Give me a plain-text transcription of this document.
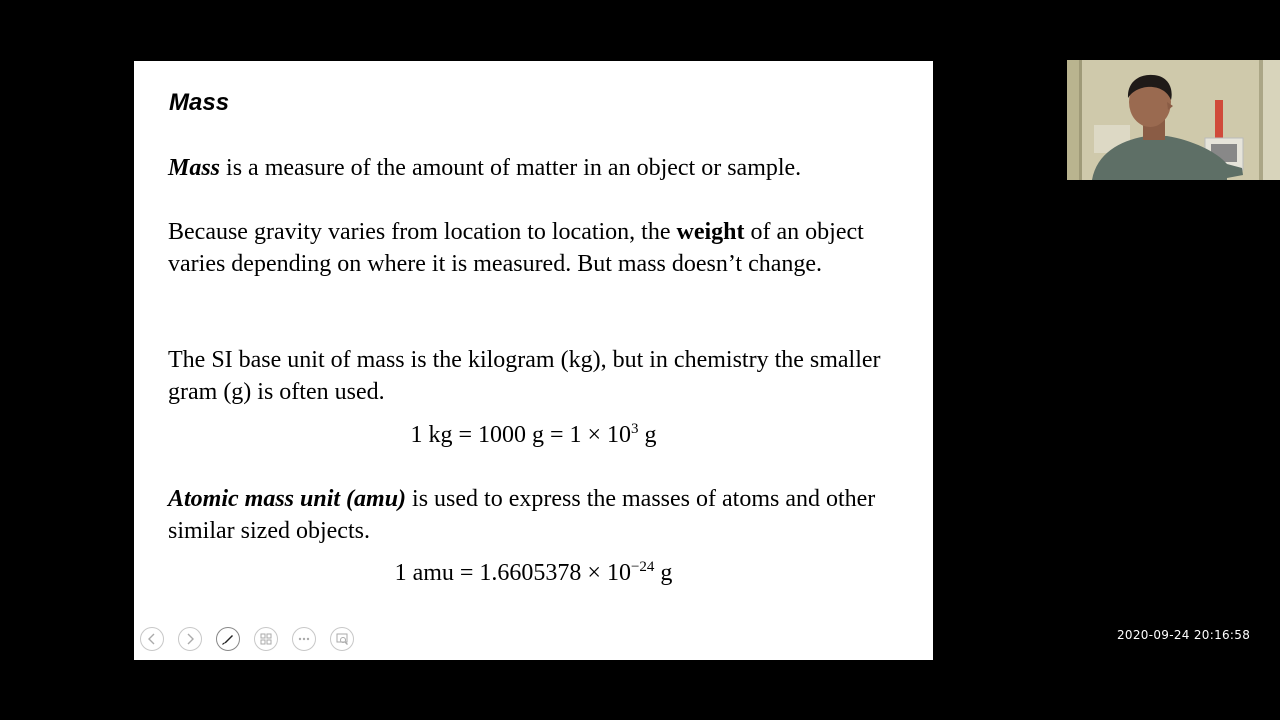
Mass
Mass is a measure of the amount of matter in an object or sample.
Because gravity varies from location to location, the weight of an object varies depending on where it is measured. But mass doesn’t change.
The SI base unit of mass is the kilogram (kg), but in chemistry the smaller gram (g) is often used.
1 kg = 1000 $g = 1 \times 10^3$ g
Atomic mass unit (amu) is used to express the masses of atoms and other similar sized objects.
1 amu = $1.6605378 \times 10^{-24}$ g
2020-09-24 20:16:58
